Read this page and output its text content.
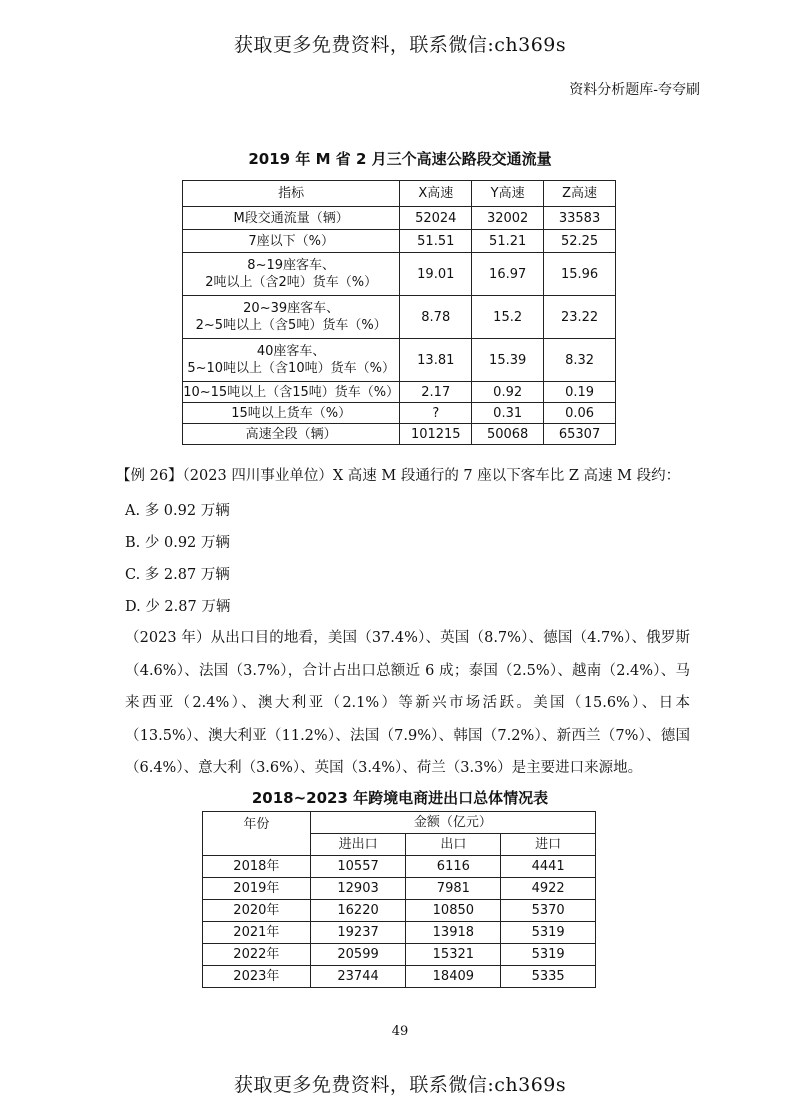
获取更多免费资料，联系微信:ch369s
资料分析题库-夸夸刷
2019 年 M 省 2 月三个高速公路段交通流量
指标	X高速	Y高速	Z高速
M段交通流量（辆）	52024	32002	33583
7座以下（%）	51.51	51.21	52.25

8~19座客车、
2吨以上（含2吨）货车（%）	19.01	16.97	15.96

20~39座客车、
2~5吨以上（含5吨）货车（%）	8.78	15.2	23.22

40座客车、
5~10吨以上（含10吨）货车（%）	13.81	15.39	8.32
10~15吨以上（含15吨）货车（%）	2.17	0.92	0.19
15吨以上货车（%）	?	0.31	0.06
高速全段（辆）	101215	50068	65307
【例 26】（2023 四川事业单位）X 高速 M 段通行的 7 座以下客车比 Z 高速 M 段约：
A. 多 0.92 万辆
B. 少 0.92 万辆
C. 多 2.87 万辆
D. 少 2.87 万辆
（2023 年）从出口目的地看，美国（37.4%）、英国（8.7%）、德国（4.7%）、俄罗斯（4.6%）、法国（3.7%），合计占出口总额近 6 成；泰国（2.5%）、越南（2.4%）、马来西亚（2.4%）、澳大利亚（2.1%）等新兴市场活跃。美国（15.6%）、日本（13.5%）、澳大利亚（11.2%）、法国（7.9%）、韩国（7.2%）、新西兰（7%）、德国（6.4%）、意大利（3.6%）、英国（3.4%）、荷兰（3.3%）是主要进口来源地。
2018~2023 年跨境电商进出口总体情况表
年份	金额（亿元）		
	进出口	出口	进口
2018年	10557	6116	4441
2019年	12903	7981	4922
2020年	16220	10850	5370
2021年	19237	13918	5319
2022年	20599	15321	5319
2023年	23744	18409	5335
49
获取更多免费资料，联系微信:ch369s
